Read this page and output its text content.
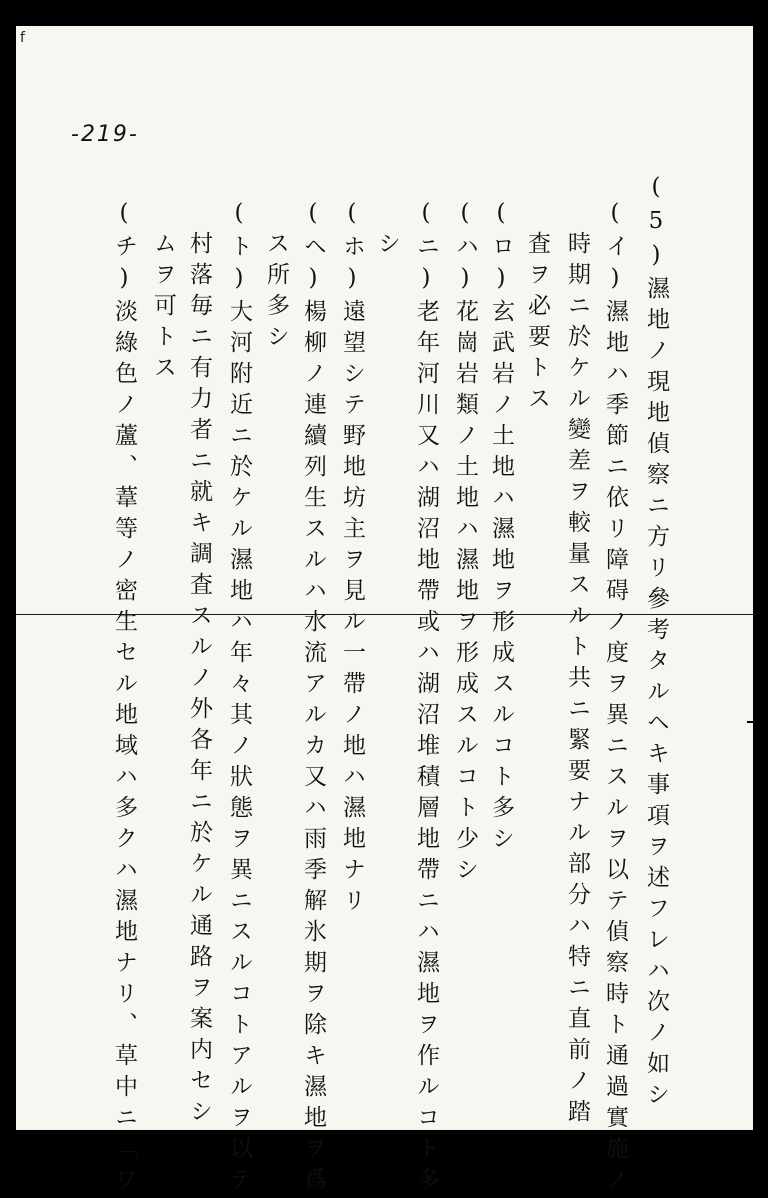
f
-219-
(5)濕地ノ現地偵察ニ方リ參考タルヘキ事項ヲ述フレハ次ノ如シ
(イ)濕地ハ季節ニ依リ障碍ノ度ヲ異ニスルヲ以テ偵察時ト通過實施ノ
時期ニ於ケル變差ヲ較量スルト共ニ緊要ナル部分ハ特ニ直前ノ踏
査ヲ必要トス
(ロ)玄武岩ノ土地ハ濕地ヲ形成スルコト多シ
(ハ)花崗岩類ノ土地ハ濕地ヲ形成スルコト少シ
(ニ)老年河川又ハ湖沼地帶或ハ湖沼堆積層地帶ニハ濕地ヲ作ルコト多
シ
(ホ)遠望シテ野地坊主ヲ見ル一帶ノ地ハ濕地ナリ
(ヘ)楊柳ノ連續列生スルハ水流アルカ又ハ雨季解氷期ヲ除キ濕地ヲ爲
ス所多シ
(ト)大河附近ニ於ケル濕地ハ年々其ノ狀態ヲ異ニスルコトアルヲ以テ
村落毎ニ有力者ニ就キ調査スルノ外各年ニ於ケル通路ヲ案内セシ
ムヲ可トス
(チ)淡綠色ノ蘆、葦等ノ密生セル地域ハ多クハ濕地ナリ、草中ニ「ワ
